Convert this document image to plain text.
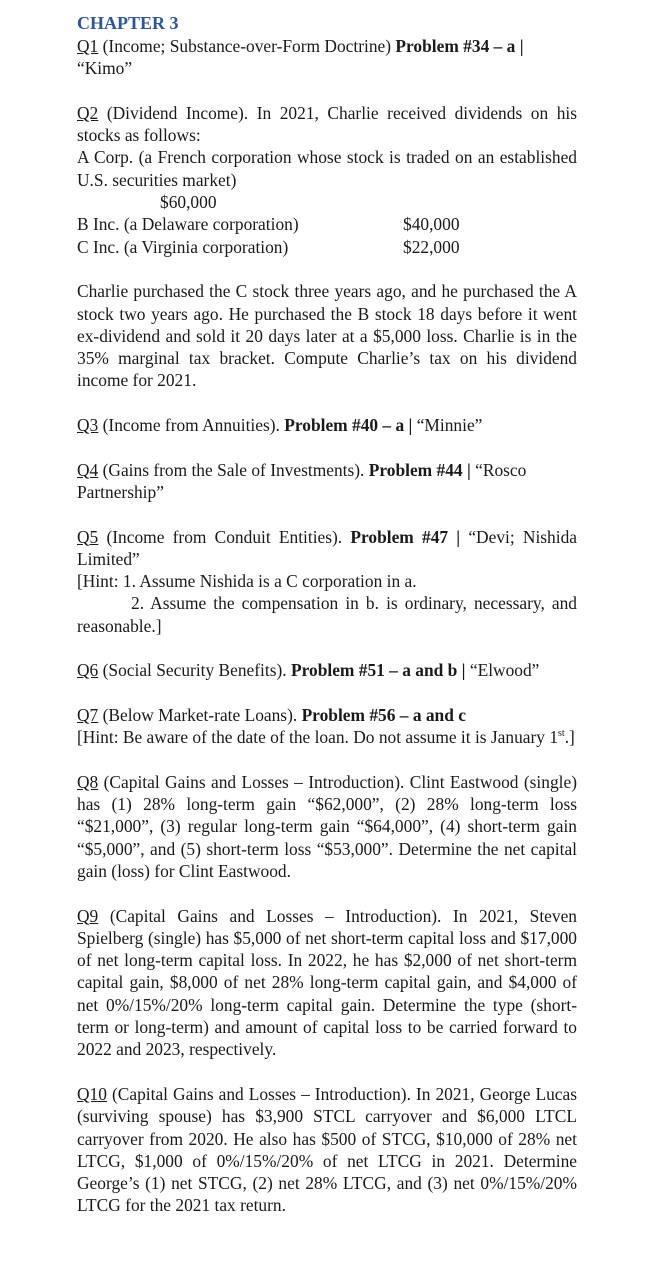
CHAPTER 3

Q1 (Income; Substance-over-Form Doctrine) Problem #34 – a | “Kimo”

Q2 (Dividend Income). In 2021, Charlie received dividends on his stocks as follows:

A Corp. (a French corporation whose stock is traded on an established U.S. securities market)

$60,000

B Inc. (a Delaware corporation)	$40,000
C Inc. (a Virginia corporation)	$22,000

Charlie purchased the C stock three years ago, and he purchased the A stock two years ago. He purchased the B stock 18 days before it went ex-dividend and sold it 20 days later at a $5,000 loss. Charlie is in the 35% marginal tax bracket. Compute Charlie’s tax on his dividend income for 2021.

Q3 (Income from Annuities). Problem #40 – a | “Minnie”

Q4 (Gains from the Sale of Investments). Problem #44 | “Rosco Partnership”

Q5 (Income from Conduit Entities). Problem #47 | “Devi; Nishida Limited”

[Hint: 1. Assume Nishida is a C corporation in a.

2. Assume the compensation in b. is ordinary, necessary, and reasonable.]

Q6 (Social Security Benefits). Problem #51 – a and b | “Elwood”

Q7 (Below Market-rate Loans). Problem #56 – a and c

[Hint: Be aware of the date of the loan. Do not assume it is January 1st.]

Q8 (Capital Gains and Losses – Introduction). Clint Eastwood (single) has (1) 28% long-term gain “$62,000”, (2) 28% long-term loss “$21,000”, (3) regular long-term gain “$64,000”, (4) short-term gain “$5,000”, and (5) short-term loss “$53,000”. Determine the net capital gain (loss) for Clint Eastwood.

Q9 (Capital Gains and Losses – Introduction). In 2021, Steven Spielberg (single) has $5,000 of net short-term capital loss and $17,000 of net long-term capital loss. In 2022, he has $2,000 of net short-term capital gain, $8,000 of net 28% long-term capital gain, and $4,000 of net 0%/15%/20% long-term capital gain. Determine the type (short-term or long-term) and amount of capital loss to be carried forward to 2022 and 2023, respectively.

Q10 (Capital Gains and Losses – Introduction). In 2021, George Lucas (surviving spouse) has $3,900 STCL carryover and $6,000 LTCL carryover from 2020. He also has $500 of STCG, $10,000 of 28% net LTCG, $1,000 of 0%/15%/20% of net LTCG in 2021. Determine George’s (1) net STCG, (2) net 28% LTCG, and (3) net 0%/15%/20% LTCG for the 2021 tax return.
